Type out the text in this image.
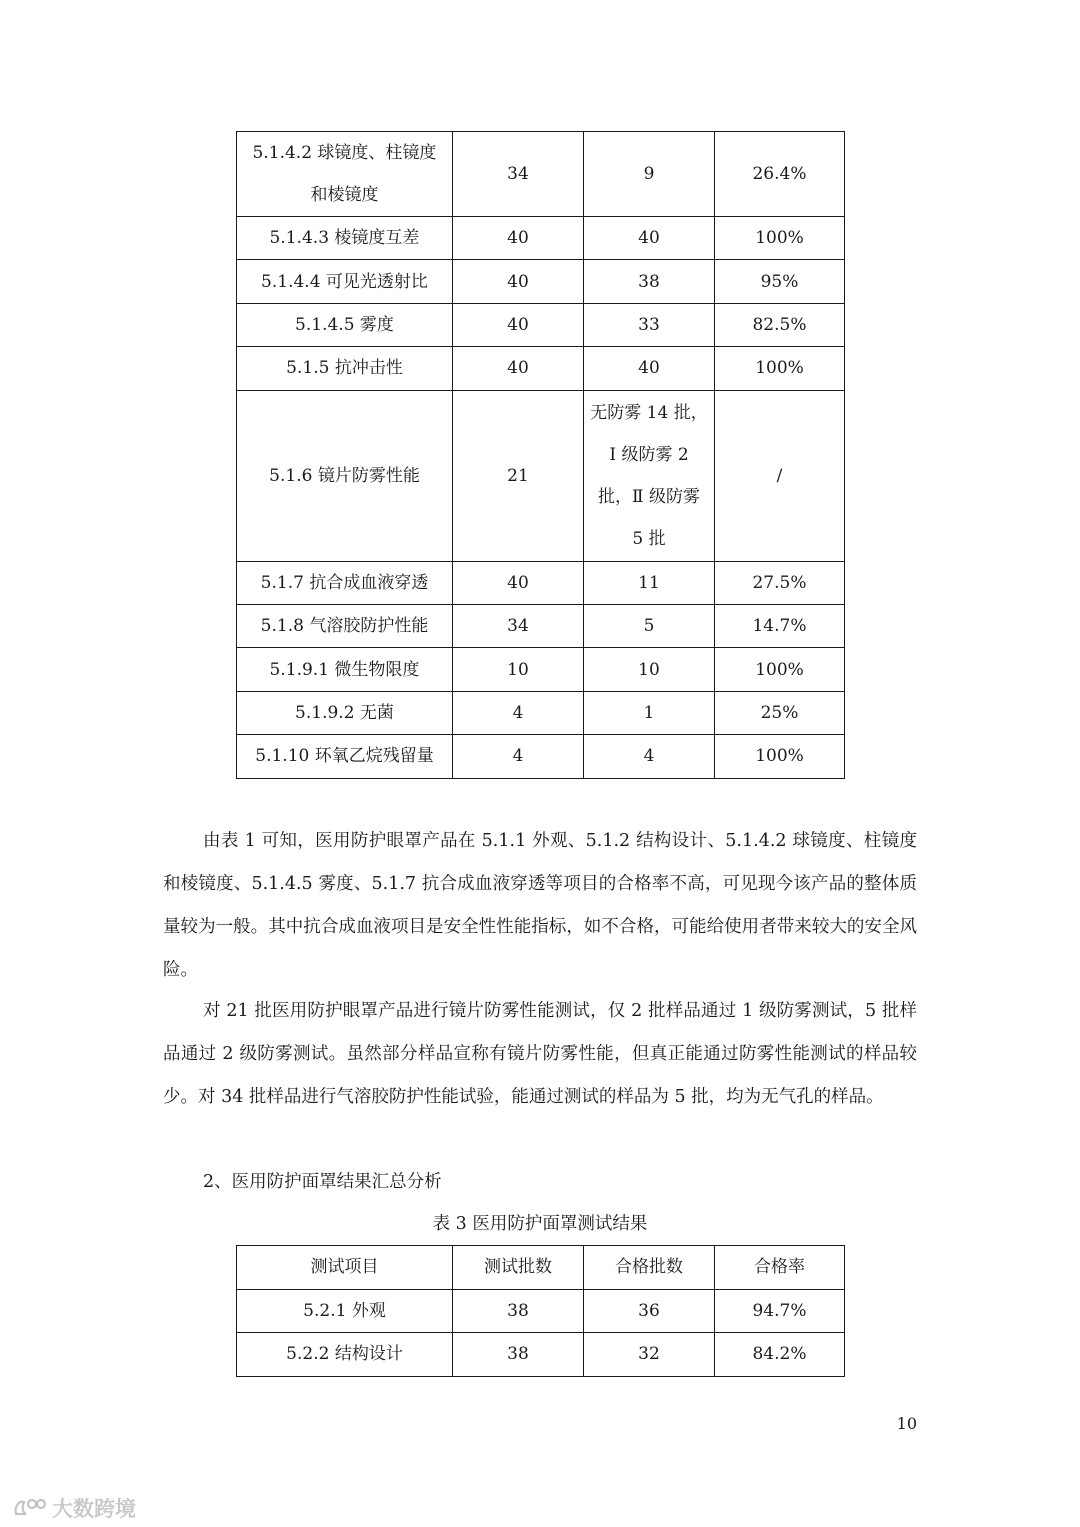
5.1.4.2 球镜度、柱镜度
和棱镜度	34	9	26.4%
5.1.4.3 棱镜度互差	40	40	100%
5.1.4.4 可见光透射比	40	38	95%
5.1.4.5 雾度	40	33	82.5%
5.1.5 抗冲击性	40	40	100%
5.1.6 镜片防雾性能	21	无防雾 14 批，
Ⅰ 级防雾 2
批，Ⅱ 级防雾
5 批	/
5.1.7 抗合成血液穿透	40	11	27.5%
5.1.8 气溶胶防护性能	34	5	14.7%
5.1.9.1 微生物限度	10	10	100%
5.1.9.2 无菌	4	1	25%
5.1.10 环氧乙烷残留量	4	4	100%

由表 1 可知，医用防护眼罩产品在 5.1.1 外观、5.1.2 结构设计、5.1.4.2 球镜度、柱镜度和棱镜度、5.1.4.5 雾度、5.1.7 抗合成血液穿透等项目的合格率不高，可见现今该产品的整体质量较为一般。其中抗合成血液项目是安全性性能指标，如不合格，可能给使用者带来较大的安全风险。

对 21 批医用防护眼罩产品进行镜片防雾性能测试，仅 2 批样品通过 1 级防雾测试，5 批样品通过 2 级防雾测试。虽然部分样品宣称有镜片防雾性能，但真正能通过防雾性能测试的样品较少。对 34 批样品进行气溶胶防护性能试验，能通过测试的样品为 5 批，均为无气孔的样品。

2、医用防护面罩结果汇总分析

表 3 医用防护面罩测试结果

测试项目	测试批数	合格批数	合格率
5.2.1 外观	38	36	94.7%
5.2.2 结构设计	38	32	84.2%
10
大数跨境
